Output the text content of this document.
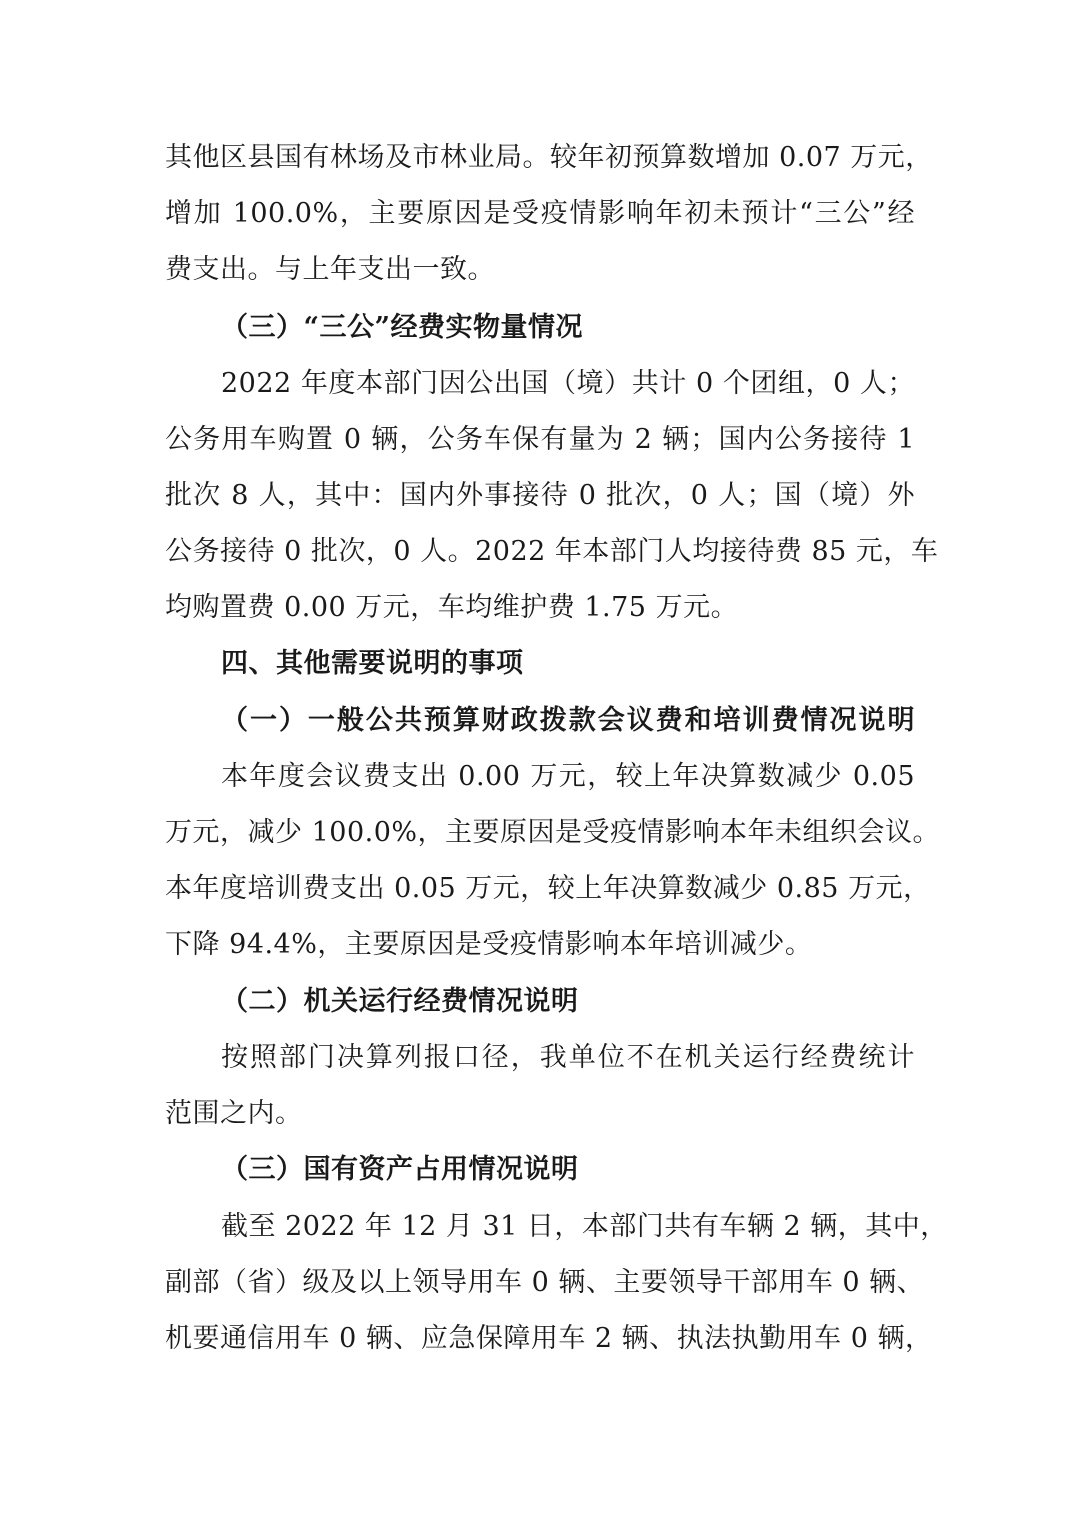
其他区县国有林场及市林业局。较年初预算数增加 0.07 万元，
增加 100.0%，主要原因是受疫情影响年初未预计“三公”经
费支出。与上年支出一致。
（三）“三公”经费实物量情况
2022 年度本部门因公出国（境）共计 0 个团组，0 人；
公务用车购置 0 辆，公务车保有量为 2 辆；国内公务接待 1
批次 8 人，其中：国内外事接待 0 批次，0 人；国（境）外
公务接待 0 批次，0 人。2022 年本部门人均接待费 85 元，车
均购置费 0.00 万元，车均维护费 1.75 万元。
四、其他需要说明的事项
（一）一般公共预算财政拨款会议费和培训费情况说明
本年度会议费支出 0.00 万元，较上年决算数减少 0.05
万元，减少 100.0%，主要原因是受疫情影响本年未组织会议。
本年度培训费支出 0.05 万元，较上年决算数减少 0.85 万元，
下降 94.4%，主要原因是受疫情影响本年培训减少。
（二）机关运行经费情况说明
按照部门决算列报口径，我单位不在机关运行经费统计
范围之内。
（三）国有资产占用情况说明
截至 2022 年 12 月 31 日，本部门共有车辆 2 辆，其中，
副部（省）级及以上领导用车 0 辆、主要领导干部用车 0 辆、
机要通信用车 0 辆、应急保障用车 2 辆、执法执勤用车 0 辆，
